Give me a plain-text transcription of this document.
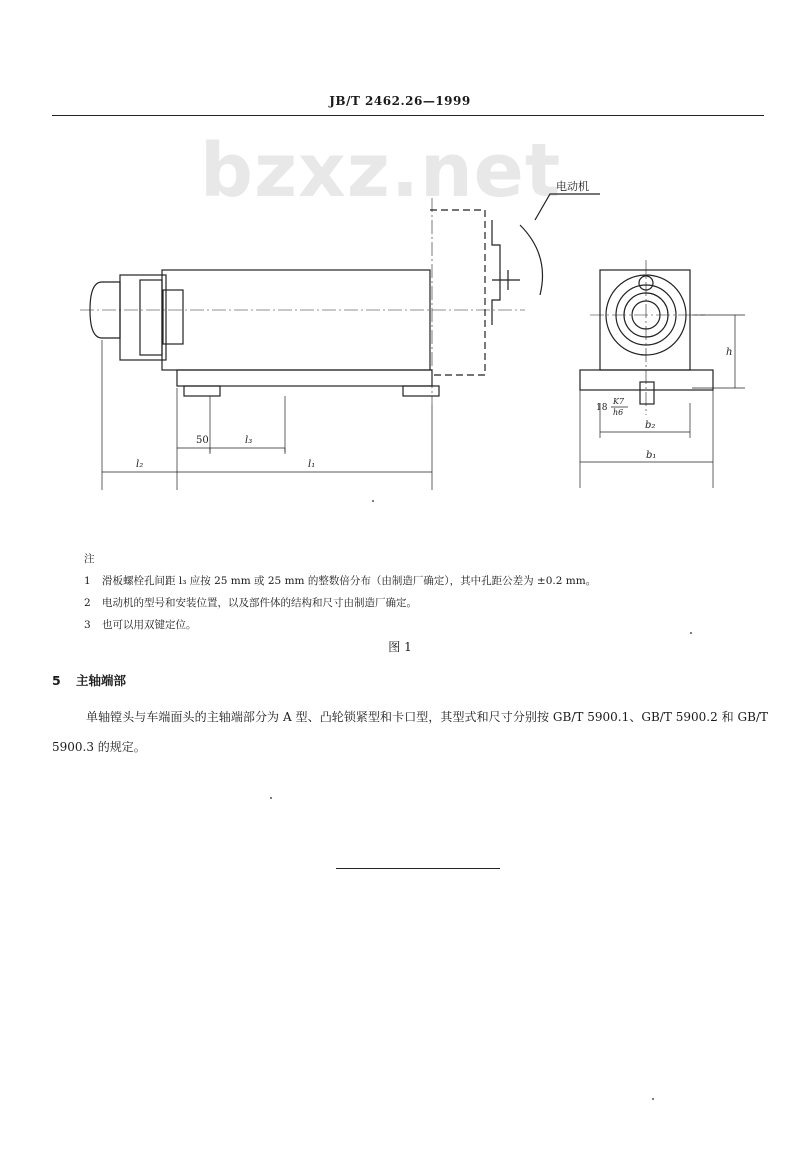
JB/T 2462.26—1999
bzxz.net
电动机
50	l₃
l₂	l₁
h
18
K7
h6
b₂
b₁
注
1 滑板螺栓孔间距 l₃ 应按 25 mm 或 25 mm 的整数倍分布（由制造厂确定），其中孔距公差为 ±0.2 mm。
2 电动机的型号和安装位置，以及部件体的结构和尺寸由制造厂确定。
3 也可以用双键定位。
图 1
5 主轴端部
单轴镗头与车端面头的主轴端部分为 A 型、凸轮锁紧型和卡口型，其型式和尺寸分别按 GB/T 5900.1、GB/T 5900.2 和 GB/T 5900.3 的规定。
